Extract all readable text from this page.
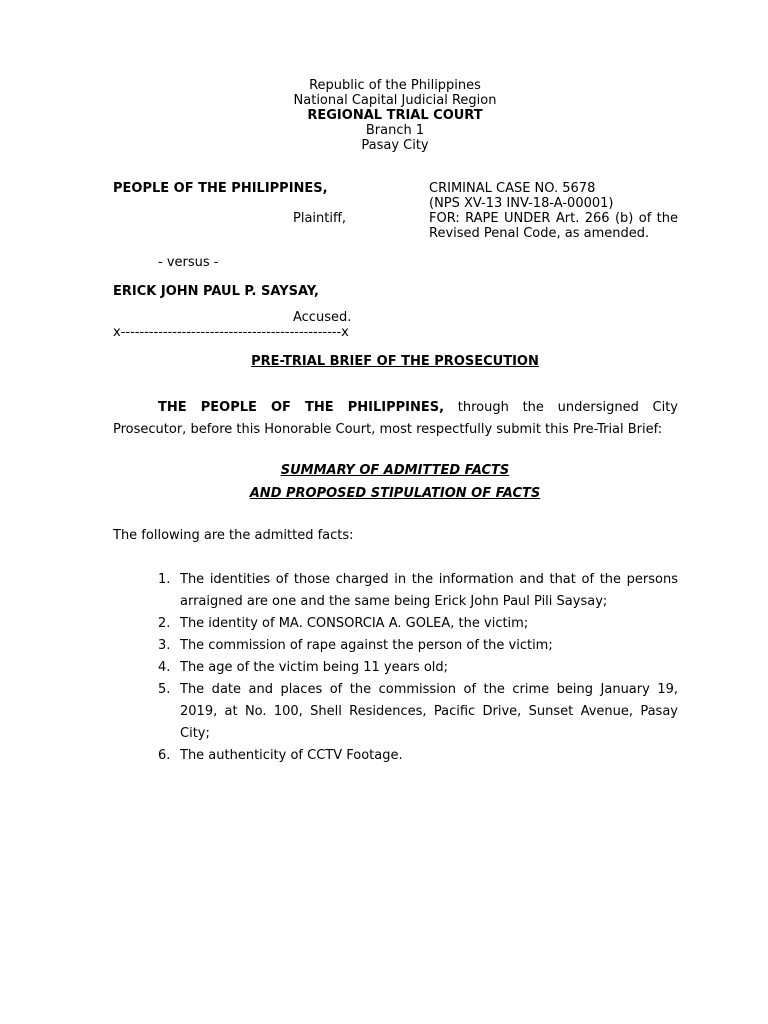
Republic of the Philippines
National Capital Judicial Region
REGIONAL TRIAL COURT
Branch 1
Pasay City
PEOPLE OF THE PHILIPPINES,
Plaintiff,
- versus -
ERICK JOHN PAUL P. SAYSAY,
Accused.
x-----------------------------------------------x
CRIMINAL CASE NO. 5678
(NPS XV-13 INV-18-A-00001)
FOR: RAPE UNDER Art. 266 (b) of the Revised Penal Code, as amended.
PRE-TRIAL BRIEF OF THE PROSECUTION
THE PEOPLE OF THE PHILIPPINES, through the undersigned City Prosecutor, before this Honorable Court, most respectfully submit this Pre-Trial Brief:
SUMMARY OF ADMITTED FACTS
AND PROPOSED STIPULATION OF FACTS
The following are the admitted facts:
1. The identities of those charged in the information and that of the persons arraigned are one and the same being Erick John Paul Pili Saysay;
2. The identity of MA. CONSORCIA A. GOLEA, the victim;
3. The commission of rape against the person of the victim;
4. The age of the victim being 11 years old;
5. The date and places of the commission of the crime being January 19, 2019, at No. 100, Shell Residences, Pacific Drive, Sunset Avenue, Pasay City;
6. The authenticity of CCTV Footage.
